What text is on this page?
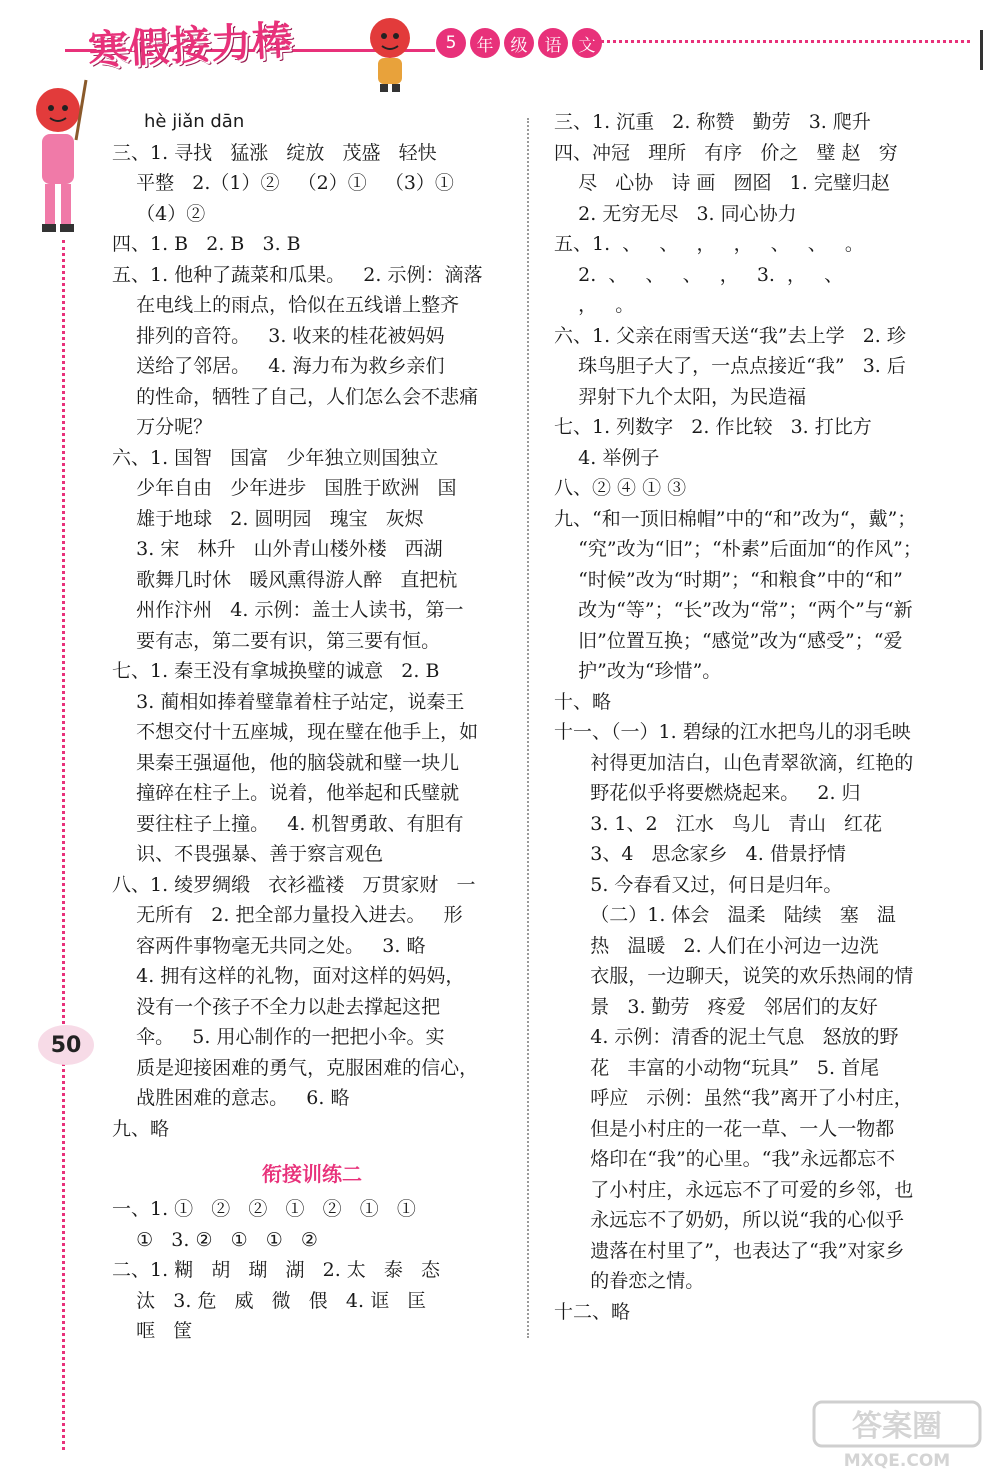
寒假接力棒	5	年	级	语	文
50
hè jiǎn dān
三、1. 寻找   猛涨   绽放   茂盛   轻快
平整   2.（1）②   （2）①   （3）①
（4）②
四、1. B   2. B   3. B
五、1. 他种了蔬菜和瓜果。   2. 示例：滴落
在电线上的雨点，恰似在五线谱上整齐
排列的音符。   3. 收来的桂花被妈妈
送给了邻居。   4. 海力布为救乡亲们
的性命，牺牲了自己，人们怎么会不悲痛
万分呢？
六、1. 国智   国富   少年独立则国独立
少年自由   少年进步   国胜于欧洲   国
雄于地球   2. 圆明园   瑰宝   灰烬
3. 宋   林升   山外青山楼外楼   西湖
歌舞几时休   暖风熏得游人醉   直把杭
州作汴州   4. 示例：盖士人读书，第一
要有志，第二要有识，第三要有恒。
七、1. 秦王没有拿城换璧的诚意   2. B
3. 蔺相如捧着璧靠着柱子站定，说秦王
不想交付十五座城，现在璧在他手上，如
果秦王强逼他，他的脑袋就和璧一块儿
撞碎在柱子上。说着，他举起和氏璧就
要往柱子上撞。   4. 机智勇敢、有胆有
识、不畏强暴、善于察言观色
八、1. 绫罗绸缎   衣衫褴褛   万贯家财   一
无所有   2. 把全部力量投入进去。   形
容两件事物毫无共同之处。   3. 略
4. 拥有这样的礼物，面对这样的妈妈，
没有一个孩子不全力以赴去撑起这把
伞。   5. 用心制作的一把把小伞。实
质是迎接困难的勇气，克服困难的信心，
战胜困难的意志。   6. 略
九、略
衔接训练二
一、1. ①   ②   ②   ①   ②   ①   ①
①   3. ②   ①   ①   ②
二、1. 糊   胡   瑚   湖   2. 太   泰   态
汰   3. 危   威   微   偎   4. 诓   匡
哐   筐
三、1. 沉重   2. 称赞   勤劳   3. 爬升
四、冲冠   理所   有序   价之   璧 赵   穷
尽   心协   诗 画   囫囵   1. 完璧归赵
2. 无穷无尽   3. 同心协力
五、1.  、   、   ，   ，   、   、   。
2.  、   、   、   ，   3.  ，   、
，   。
六、1. 父亲在雨雪天送“我”去上学   2. 珍
珠鸟胆子大了，一点点接近“我”   3. 后
羿射下九个太阳，为民造福
七、1. 列数字   2. 作比较   3. 打比方
4. 举例子
八、② ④ ① ③
九、“和一顶旧棉帽”中的“和”改为“，戴”；
“究”改为“旧”；“朴素”后面加“的作风”；
“时候”改为“时期”；“和粮食”中的“和”
改为“等”；“长”改为“常”；“两个”与“新
旧”位置互换；“感觉”改为“感受”；“爱
护”改为“珍惜”。
十、略
十一、（一）1. 碧绿的江水把鸟儿的羽毛映
衬得更加洁白，山色青翠欲滴，红艳的
野花似乎将要燃烧起来。   2. 归
3. 1、2   江水   鸟儿   青山   红花
3、4   思念家乡   4. 借景抒情
5. 今春看又过，何日是归年。
（二）1. 体会   温柔   陆续   塞   温
热   温暖   2. 人们在小河边一边洗
衣服，一边聊天，说笑的欢乐热闹的情
景   3. 勤劳   疼爱   邻居们的友好
4. 示例：清香的泥土气息   怒放的野
花   丰富的小动物“玩具”   5. 首尾
呼应   示例：虽然“我”离开了小村庄，
但是小村庄的一花一草、一人一物都
烙印在“我”的心里。“我”永远都忘不
了小村庄，永远忘不了可爱的乡邻，也
永远忘不了奶奶，所以说“我的心似乎
遗落在村里了”，也表达了“我”对家乡
的眷恋之情。
十二、略
答案圈
MXQE.COM
